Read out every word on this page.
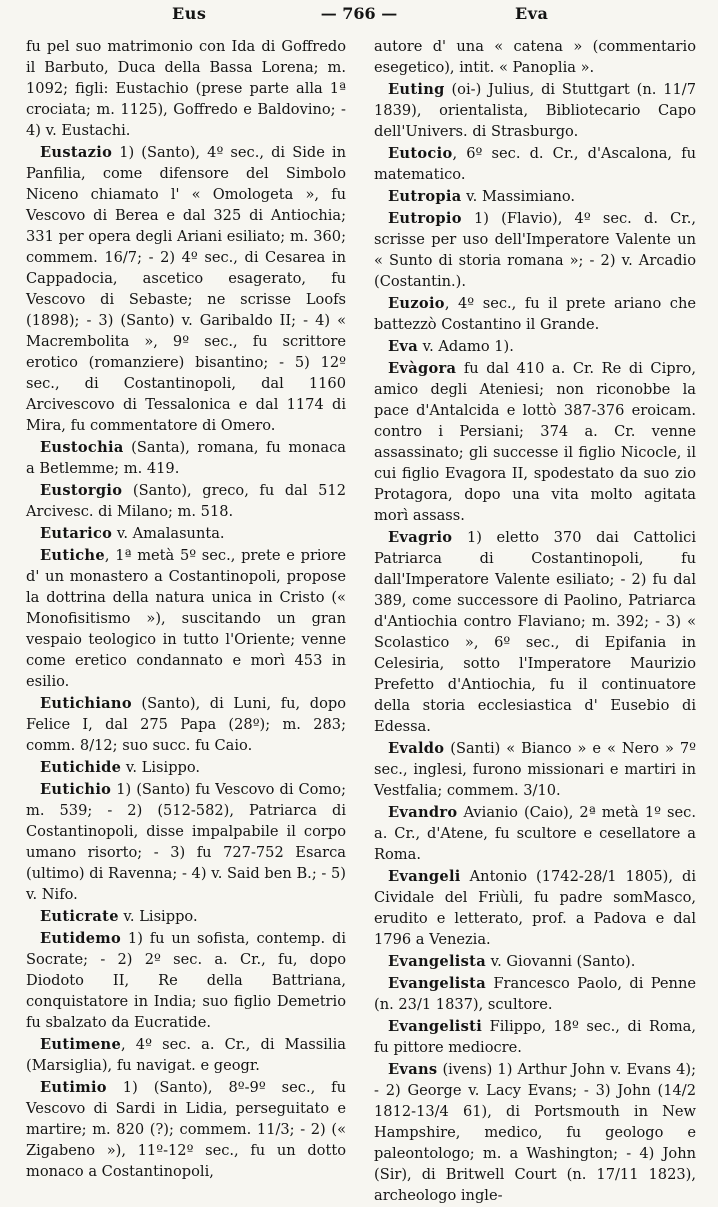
Eus	— 766 —	Eva

fu pel suo matrimonio con Ida di Goffredo il Barbuto, Duca della Bassa Lorena; m. 1092; figli: Eustachio (prese parte alla 1ª crociata; m. 1125), Goffredo e Baldovino; - 4) v. Eustachi.

Eustazio 1) (Santo), 4º sec., di Side in Panfilia, come difensore del Simbolo Niceno chiamato l' « Omologeta », fu Vescovo di Berea e dal 325 di Antiochia; 331 per opera degli Ariani esiliato; m. 360; commem. 16/7; - 2) 4º sec., di Cesarea in Cappadocia, ascetico esagerato, fu Vescovo di Sebaste; ne scrisse Loofs (1898); - 3) (Santo) v. Garibaldo II; - 4) « Macrembolita », 9º sec., fu scrittore erotico (romanziere) bisantino; - 5) 12º sec., di Costantinopoli, dal 1160 Arcivescovo di Tessalonica e dal 1174 di Mira, fu commentatore di Omero.

Eustochia (Santa), romana, fu monaca a Betlemme; m. 419.

Eustorgio (Santo), greco, fu dal 512 Arcivesc. di Milano; m. 518.

Eutarico v. Amalasunta.

Eutiche, 1ª metà 5º sec., prete e priore d' un monastero a Costantinopoli, propose la dottrina della natura unica in Cristo (« Monofisitismo »), suscitando un gran vespaio teologico in tutto l'Oriente; venne come eretico condannato e morì 453 in esilio.

Eutichiano (Santo), di Luni, fu, dopo Felice I, dal 275 Papa (28º); m. 283; comm. 8/12; suo succ. fu Caio.

Eutichide v. Lisippo.

Eutichio 1) (Santo) fu Vescovo di Como; m. 539; - 2) (512-582), Patriarca di Costantinopoli, disse impalpabile il corpo umano risorto; - 3) fu 727-752 Esarca (ultimo) di Ravenna; - 4) v. Said ben B.; - 5) v. Nifo.

Euticrate v. Lisippo.

Eutidemo 1) fu un sofista, contemp. di Socrate; - 2) 2º sec. a. Cr., fu, dopo Diodoto II, Re della Battriana, conquistatore in India; suo figlio Demetrio fu sbalzato da Eucratide.

Eutimene, 4º sec. a. Cr., di Massilia (Marsiglia), fu navigat. e geogr.

Eutimio 1) (Santo), 8º-9º sec., fu Vescovo di Sardi in Lidia, perseguitato e martire; m. 820 (?); commem. 11/3; - 2) (« Zigabeno »), 11º-12º sec., fu un dotto monaco a Costantinopoli,

autore d' una « catena » (commentario esegetico), intit. « Panoplia ».

Euting (oi-) Julius, di Stuttgart (n. 11/7 1839), orientalista, Bibliotecario Capo dell'Univers. di Strasburgo.

Eutocio, 6º sec. d. Cr., d'Ascalona, fu matematico.

Eutropia v. Massimiano.

Eutropio 1) (Flavio), 4º sec. d. Cr., scrisse per uso dell'Imperatore Valente un « Sunto di storia romana »; - 2) v. Arcadio (Costantin.).

Euzoio, 4º sec., fu il prete ariano che battezzò Costantino il Grande.

Eva v. Adamo 1).

Evàgora fu dal 410 a. Cr. Re di Cipro, amico degli Ateniesi; non riconobbe la pace d'Antalcida e lottò 387-376 eroicam. contro i Persiani; 374 a. Cr. venne assassinato; gli successe il figlio Nicocle, il cui figlio Evagora II, spodestato da suo zio Protagora, dopo una vita molto agitata morì assass.

Evagrio 1) eletto 370 dai Cattolici Patriarca di Costantinopoli, fu dall'Imperatore Valente esiliato; - 2) fu dal 389, come successore di Paolino, Patriarca d'Antiochia contro Flaviano; m. 392; - 3) « Scolastico », 6º sec., di Epifania in Celesiria, sotto l'Imperatore Maurizio Prefetto d'Antiochia, fu il continuatore della storia ecclesiastica d' Eusebio di Edessa.

Evaldo (Santi) « Bianco » e « Nero » 7º sec., inglesi, furono missionari e martiri in Vestfalia; commem. 3/10.

Evandro Avianio (Caio), 2ª metà 1º sec. a. Cr., d'Atene, fu scultore e cesellatore a Roma.

Evangeli Antonio (1742-28/1 1805), di Cividale del Friùli, fu padre somMasco, erudito e letterato, prof. a Padova e dal 1796 a Venezia.

Evangelista v. Giovanni (Santo).

Evangelista Francesco Paolo, di Penne (n. 23/1 1837), scultore.

Evangelisti Filippo, 18º sec., di Roma, fu pittore mediocre.

Evans (ivens) 1) Arthur John v. Evans 4); - 2) George v. Lacy Evans; - 3) John (14/2 1812-13/4 61), di Portsmouth in New Hampshire, medico, fu geologo e paleontologo; m. a Washington; - 4) John (Sir), di Britwell Court (n. 17/11 1823), archeologo ingle-
